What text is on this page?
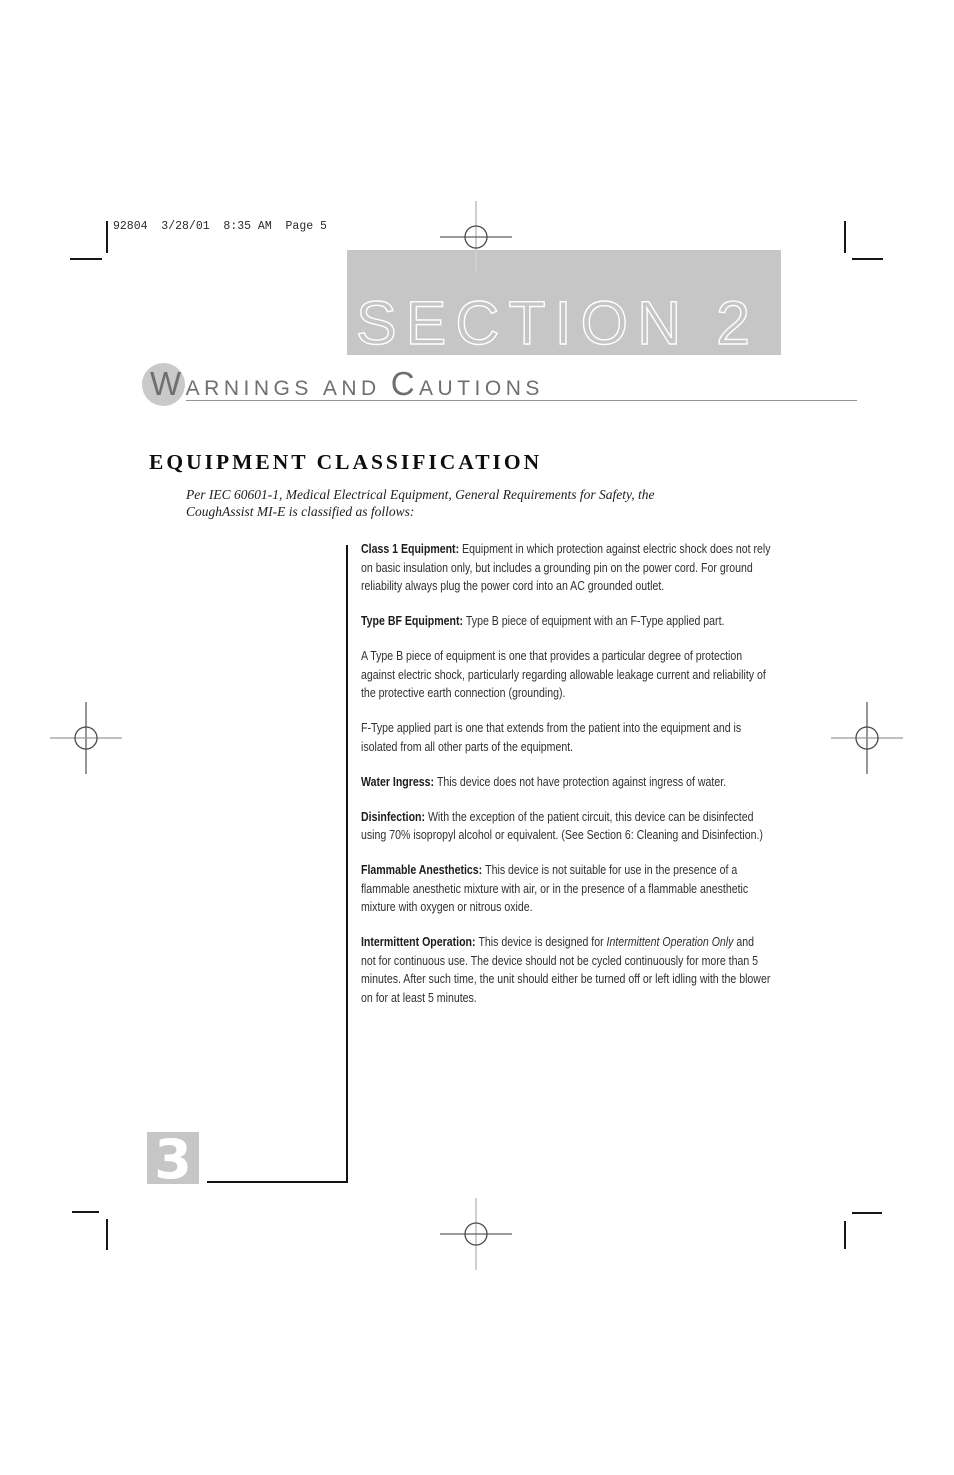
92804  3/28/01  8:35 AM  Page 5
SECTION 2
WARNINGS AND CAUTIONS
EQUIPMENT CLASSIFICATION
Per IEC 60601-1, Medical Electrical Equipment, General Requirements for Safety, the
CoughAssist MI-E is classified as follows:

Class 1 Equipment: Equipment in which protection against electric shock does not rely on basic insulation only, but includes a grounding pin on the power cord. For ground reliability always plug the power cord into an AC grounded outlet.

Type BF Equipment: Type B piece of equipment with an F-Type applied part.

A Type B piece of equipment is one that provides a particular degree of protection against electric shock, particularly regarding allowable leakage current and reliability of the protective earth connection (grounding).

F-Type applied part is one that extends from the patient into the equipment and is isolated from all other parts of the equipment.

Water Ingress: This device does not have protection against ingress of water.

Disinfection: With the exception of the patient circuit, this device can be disinfected using 70% isopropyl alcohol or equivalent. (See Section 6: Cleaning and Disinfection.)

Flammable Anesthetics: This device is not suitable for use in the presence of a flammable anesthetic mixture with air, or in the presence of a flammable anesthetic mixture with oxygen or nitrous oxide.

Intermittent Operation: This device is designed for Intermittent Operation Only and not for continuous use. The device should not be cycled continuously for more than 5 minutes. After such time, the unit should either be turned off or left idling with the blower on for at least 5 minutes.

3
